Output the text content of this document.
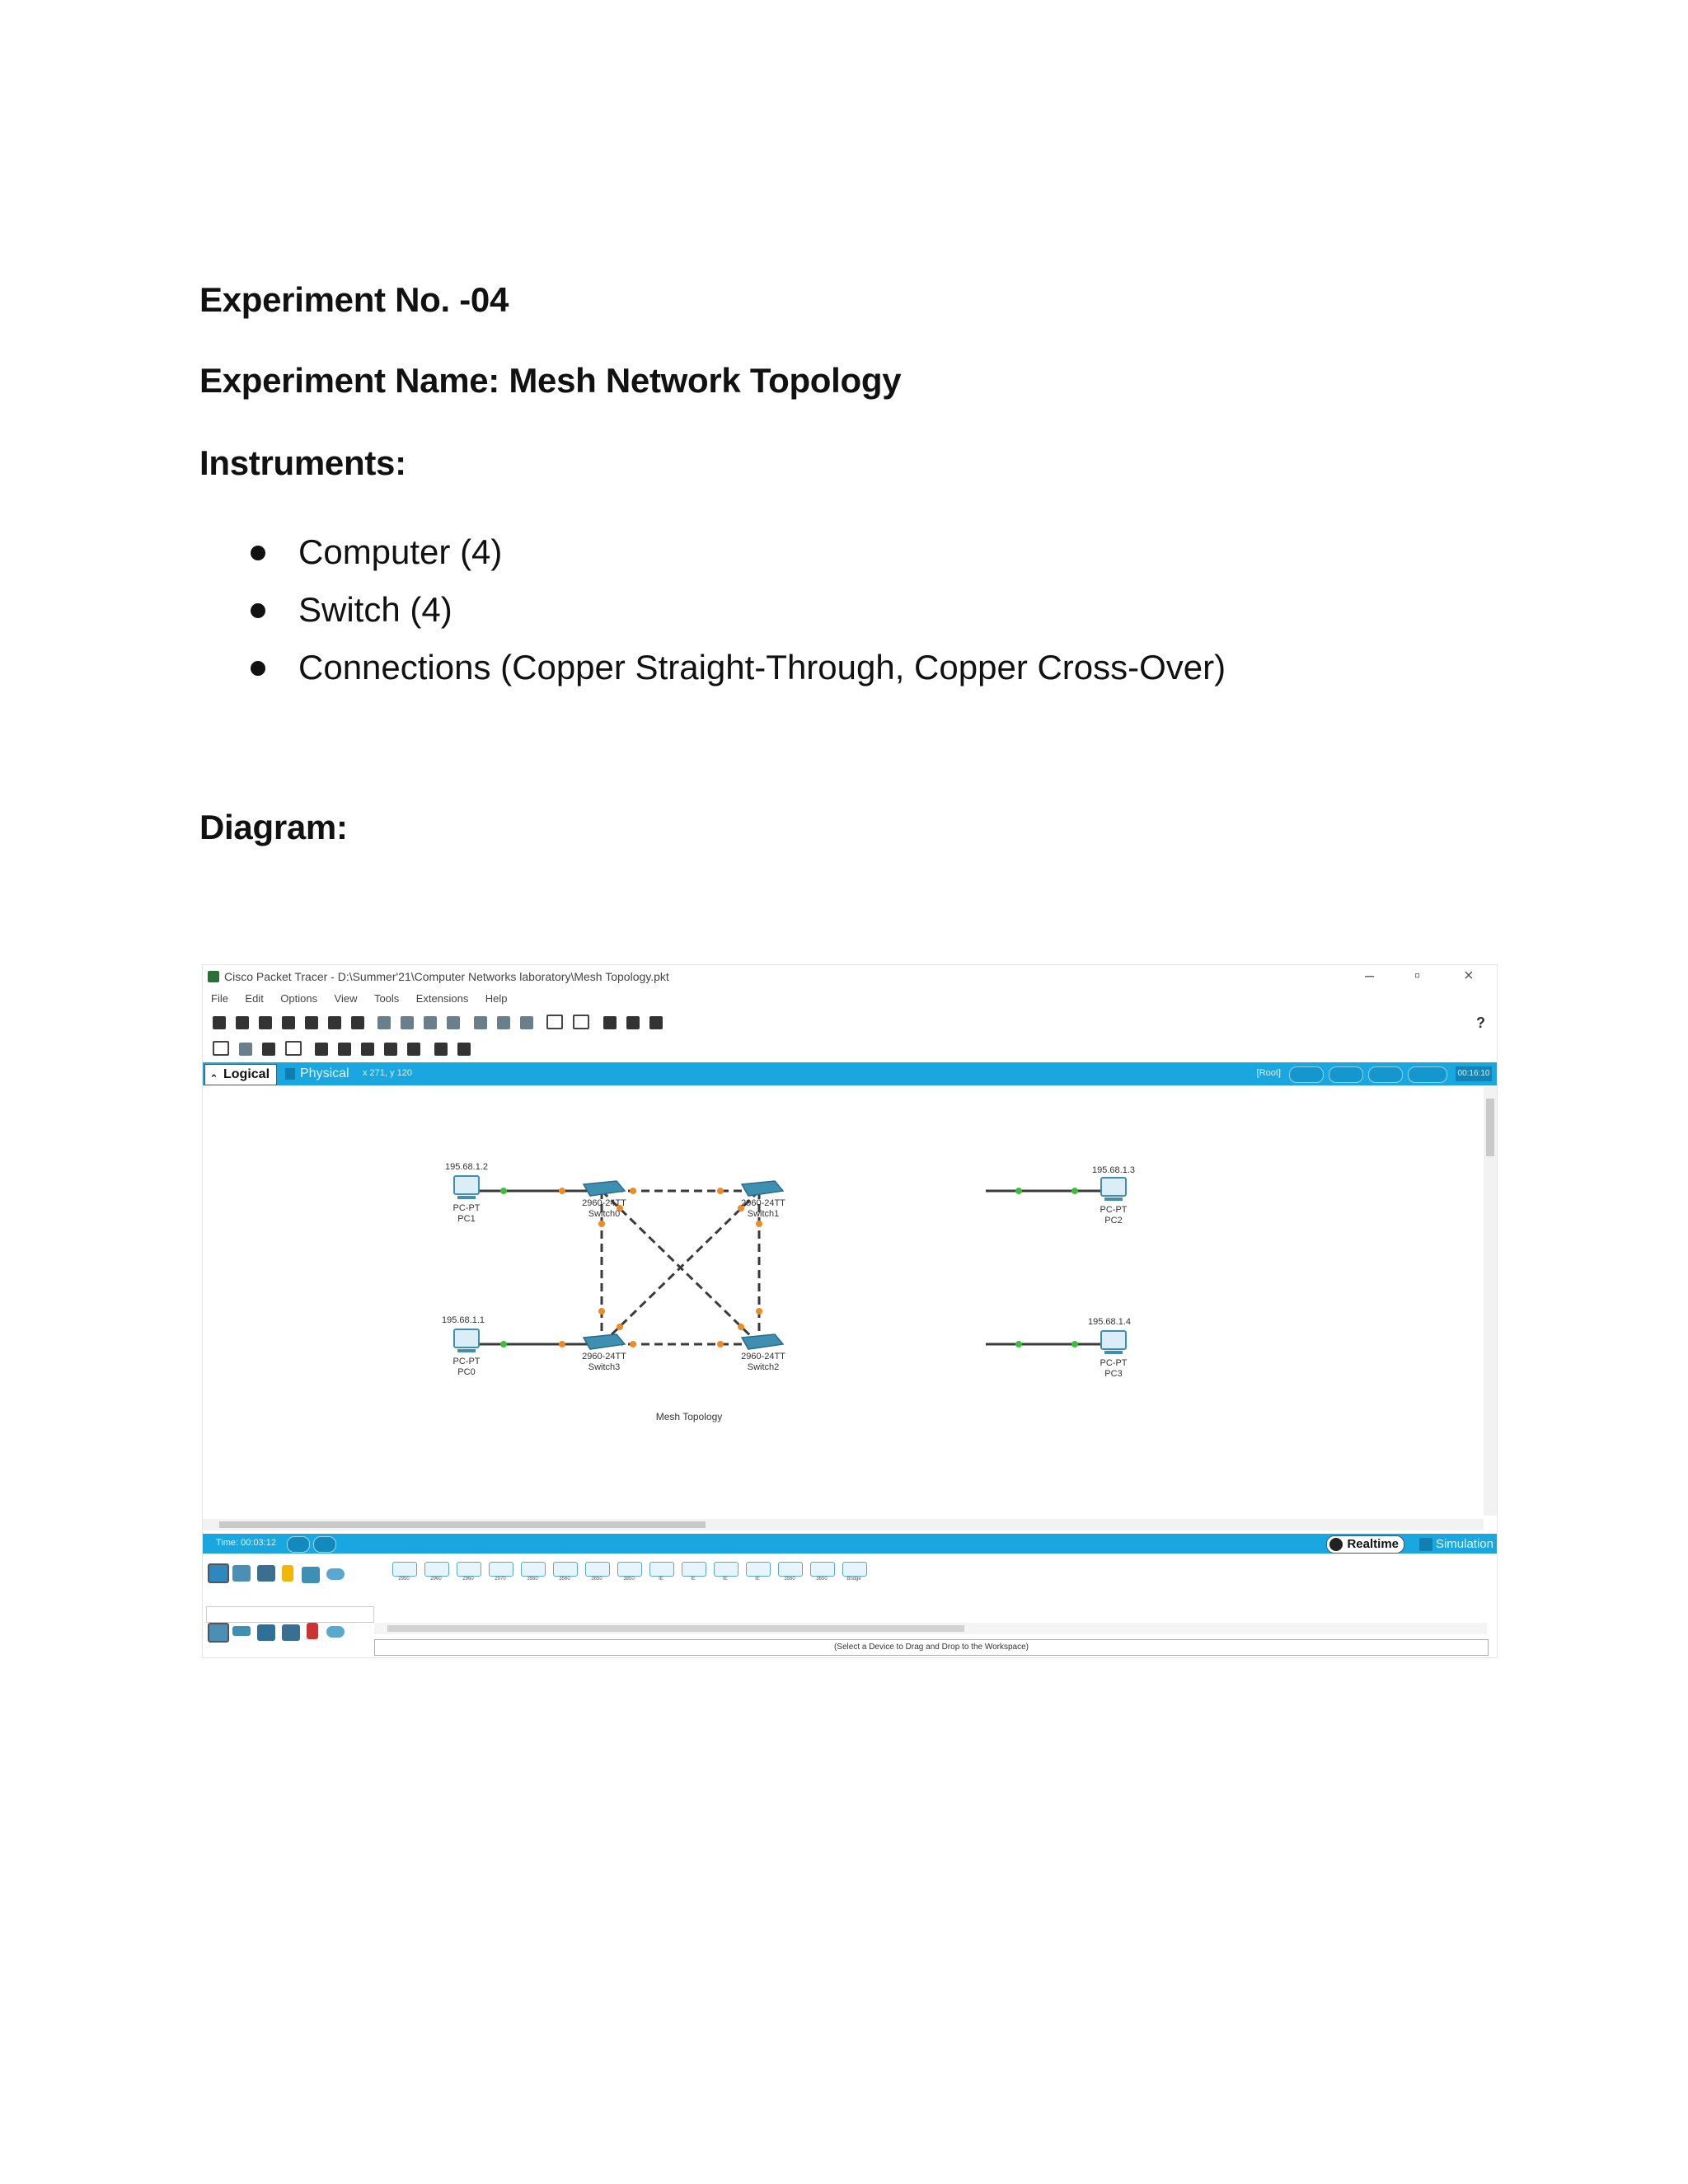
Experiment No. -04
Experiment Name: Mesh Network Topology
Instruments:
Computer (4)
Switch (4)
Connections (Copper Straight-Through, Copper Cross-Over)
Diagram:
Cisco Packet Tracer - D:\Summer'21\Computer Networks laboratory\Mesh Topology.pkt	– ▫	×
File Edit Options View Tools Extensions Help

?

⌃ Logical	Physical	x 271, y 120	[Root]	00:16:10
195.68.1.2
PC-PT
PC1
195.68.1.3
PC-PT
PC2
195.68.1.1
PC-PT
PC0
195.68.1.4
PC-PT
PC3
2960-24TT
Switch0
2960-24TT
Switch1
2960-24TT
Switch3
2960-24TT
Switch2
Mesh Topology
Time: 00:03:12	Realtime	Simulation
2950	2960	2960	2970	3560	3560	3650	3850	IE	IE	IE	IE	3560	3650	Bridge
(Select a Device to Drag and Drop to the Workspace)
